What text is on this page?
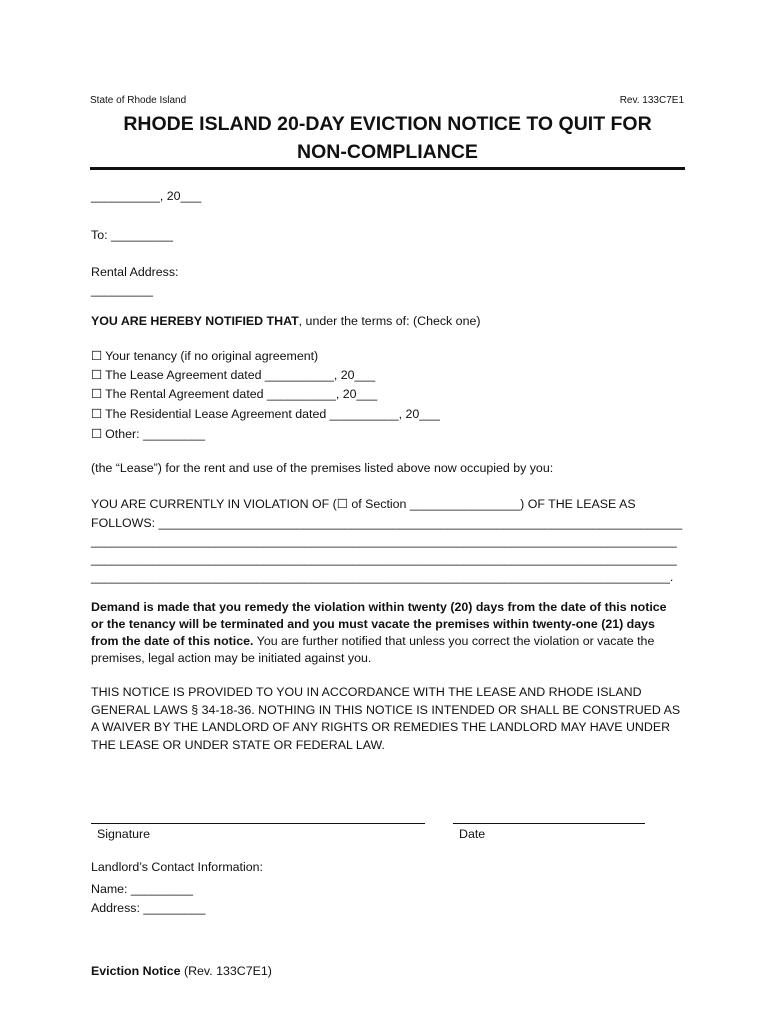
State of Rhode Island	Rev. 133C7E1
RHODE ISLAND 20-DAY EVICTION NOTICE TO QUIT FOR
NON-COMPLIANCE
__________, 20___
To: _________
Rental Address:
_________
YOU ARE HEREBY NOTIFIED THAT, under the terms of: (Check one)
☐ Your tenancy (if no original agreement)
☐ The Lease Agreement dated __________, 20___
☐ The Rental Agreement dated __________, 20___
☐ The Residential Lease Agreement dated __________, 20___
☐ Other: _________
(the “Lease”) for the rent and use of the premises listed above now occupied by you:
YOU ARE CURRENTLY IN VIOLATION OF (☐ of Section ________________) OF THE LEASE AS
FOLLOWS: ____________________________________________________________________________
_____________________________________________________________________________________
_____________________________________________________________________________________
____________________________________________________________________________________.
Demand is made that you remedy the violation within twenty (20) days from the date of this notice or the tenancy will be terminated and you must vacate the premises within twenty-one (21) days from the date of this notice. You are further notified that unless you correct the violation or vacate the premises, legal action may be initiated against you.
THIS NOTICE IS PROVIDED TO YOU IN ACCORDANCE WITH THE LEASE AND RHODE ISLAND GENERAL LAWS § 34-18-36. NOTHING IN THIS NOTICE IS INTENDED OR SHALL BE CONSTRUED AS A WAIVER BY THE LANDLORD OF ANY RIGHTS OR REMEDIES THE LANDLORD MAY HAVE UNDER THE LEASE OR UNDER STATE OR FEDERAL LAW.
Signature	Date
Landlord’s Contact Information:
Name: _________
Address: _________
Eviction Notice (Rev. 133C7E1)
